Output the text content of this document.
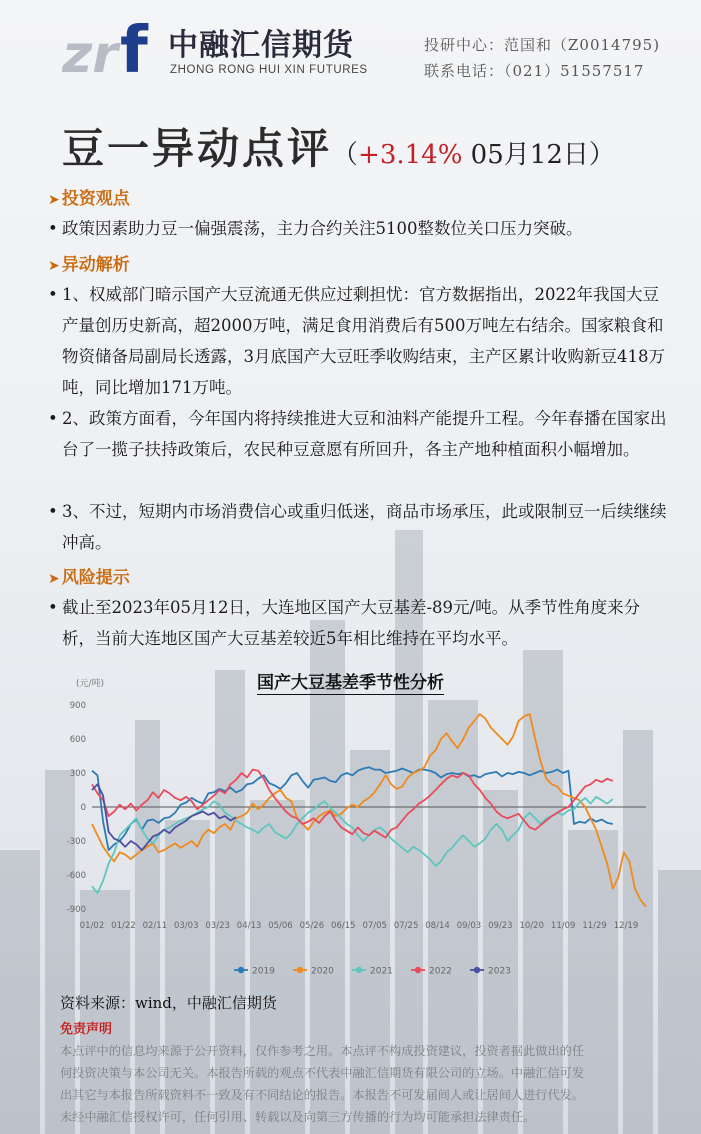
zr f 中融汇信期货
ZHONG RONG HUI XIN FUTURES
投研中心：范国和（Z0014795)
联系电话：（021）51557517
豆一异动点评（+3.14% 05月12日）
➤ 投资观点
• 政策因素助力豆一偏强震荡，主力合约关注5100整数位关口压力突破。
➤ 异动解析
• 1、权威部门暗示国产大豆流通无供应过剩担忧：官方数据指出，2022年我国大豆产量创历史新高，超2000万吨，满足食用消费后有500万吨左右结余。国家粮食和物资储备局副局长透露，3月底国产大豆旺季收购结束，主产区累计收购新豆418万吨，同比增加171万吨。
• 2、政策方面看，今年国内将持续推进大豆和油料产能提升工程。今年春播在国家出台了一揽子扶持政策后，农民种豆意愿有所回升，各主产地种植面积小幅增加。
• 3、不过，短期内市场消费信心或重归低迷，商品市场承压，此或限制豆一后续继续冲高。
➤ 风险提示
• 截止至2023年05月12日，大连地区国产大豆基差-89元/吨。从季节性角度来分析，当前大连地区国产大豆基差较近5年相比维持在平均水平。
国产大豆基差季节性分析
(元/吨)
900
600
300
0
-300
-600
-900
01/02 01/22 02/11 03/03 03/23 04/13 05/06 05/26 06/15 07/05 07/25 08/14 09/03 09/23 10/20 11/09 11/29 12/19
2019	2020	2021	2022	2023
资料来源：wind，中融汇信期货
免责声明
本点评中的信息均来源于公开资料，仅作参考之用。本点评不构成投资建议，投资者据此做出的任
何投资决策与本公司无关。本报告所载的观点不代表中融汇信期货有限公司的立场。中融汇信可发
出其它与本报告所载资料不一致及有不同结论的报告。本报告不可发届间人或让居间人进行代发。
未经中融汇信授权许可，任何引用、转载以及向第三方传播的行为均可能承担法律责任。
